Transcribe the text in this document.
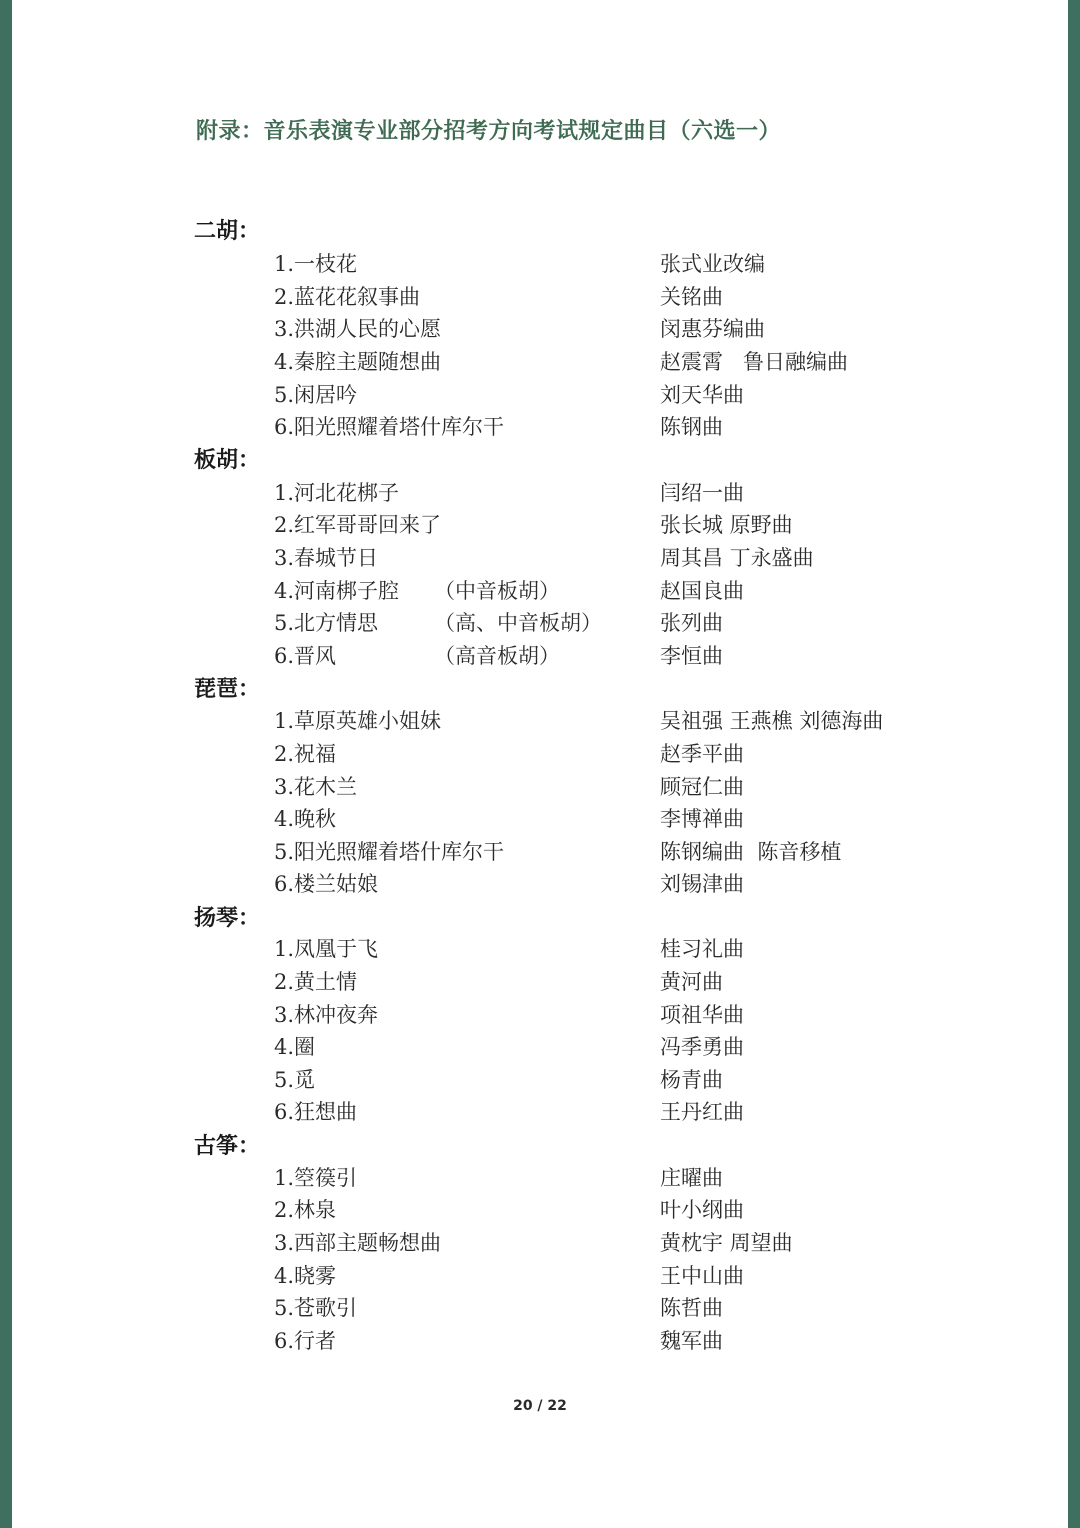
附录：音乐表演专业部分招考方向考试规定曲目（六选一）
二胡：
1.一枝花	张式业改编
2.蓝花花叙事曲	关铭曲
3.洪湖人民的心愿	闵惠芬编曲
4.秦腔主题随想曲	赵震霄   鲁日融编曲
5.闲居吟	刘天华曲
6.阳光照耀着塔什库尔干	陈钢曲
板胡：
1.河北花梆子	闫绍一曲
2.红军哥哥回来了	张长城 原野曲
3.春城节日	周其昌 丁永盛曲
4.河南梆子腔 （中音板胡）	赵国良曲
5.北方情思	（高、中音板胡）	张列曲
6.晋风	（高音板胡）	李恒曲
琵琶：
1.草原英雄小姐妹	吴祖强 王燕樵 刘德海曲
2.祝福	赵季平曲
3.花木兰	顾冠仁曲
4.晚秋	李博禅曲
5.阳光照耀着塔什库尔干	陈钢编曲  陈音移植
6.楼兰姑娘	刘锡津曲
扬琴：
1.凤凰于飞	桂习礼曲
2.黄土情	黄河曲
3.林冲夜奔	项祖华曲
4.圈	冯季勇曲
5.觅	杨青曲
6.狂想曲	王丹红曲
古筝：
1.箜篌引	庄曜曲
2.林泉	叶小纲曲
3.西部主题畅想曲	黄枕宇 周望曲
4.晓雾	王中山曲
5.苍歌引	陈哲曲
6.行者	魏军曲
20 / 22
